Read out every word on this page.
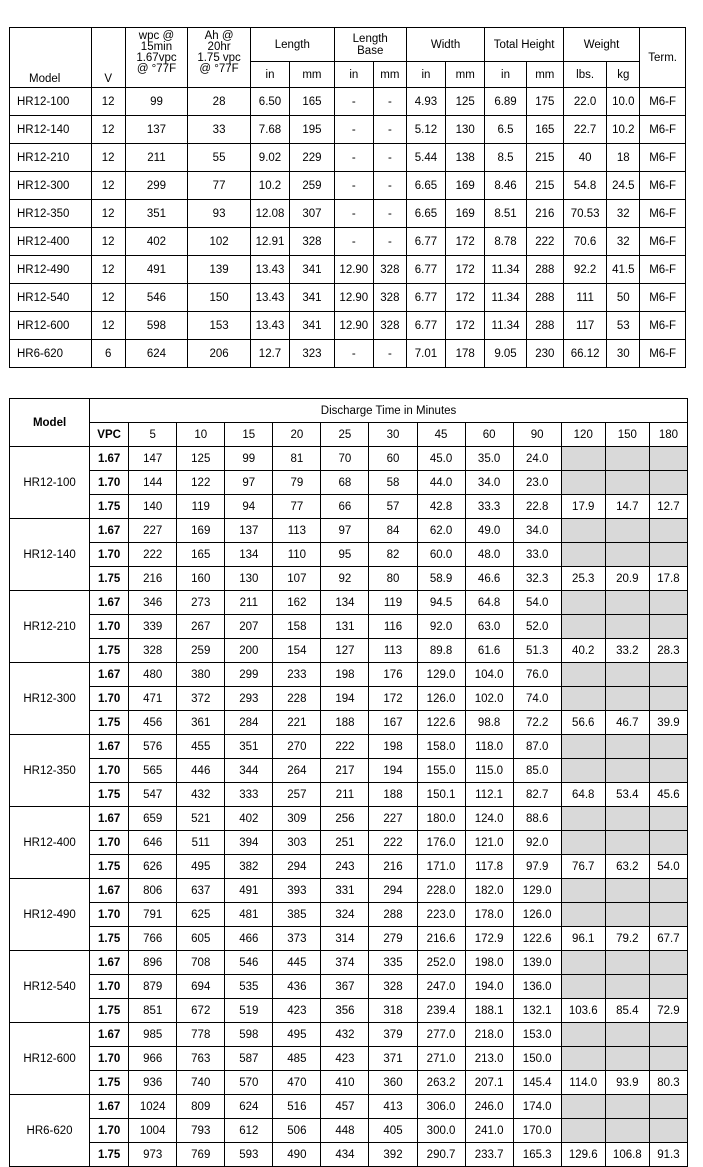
Model	V	wpc @
15min
1.67vpc
@ °77F	Ah @
20hr
1.75 vpc
@ °77F	Length		Length
Base		Width		Total Height		Weight		Term.
				in	mm	in	mm	in	mm	in	mm	lbs.	kg	
HR12-100	12	99	28	6.50	165	-	-	4.93	125	6.89	175	22.0	10.0	M6-F
HR12-140	12	137	33	7.68	195	-	-	5.12	130	6.5	165	22.7	10.2	M6-F
HR12-210	12	211	55	9.02	229	-	-	5.44	138	8.5	215	40	18	M6-F
HR12-300	12	299	77	10.2	259	-	-	6.65	169	8.46	215	54.8	24.5	M6-F
HR12-350	12	351	93	12.08	307	-	-	6.65	169	8.51	216	70.53	32	M6-F
HR12-400	12	402	102	12.91	328	-	-	6.77	172	8.78	222	70.6	32	M6-F
HR12-490	12	491	139	13.43	341	12.90	328	6.77	172	11.34	288	92.2	41.5	M6-F
HR12-540	12	546	150	13.43	341	12.90	328	6.77	172	11.34	288	111	50	M6-F
HR12-600	12	598	153	13.43	341	12.90	328	6.77	172	11.34	288	117	53	M6-F
HR6-620	6	624	206	12.7	323	-	-	7.01	178	9.05	230	66.12	30	M6-F
Model	Discharge Time in Minutes												
	VPC	5	10	15	20	25	30	45	60	90	120	150	180
HR12-100	1.67	147	125	99	81	70	60	45.0	35.0	24.0			
	1.70	144	122	97	79	68	58	44.0	34.0	23.0			
	1.75	140	119	94	77	66	57	42.8	33.3	22.8	17.9	14.7	12.7
HR12-140	1.67	227	169	137	113	97	84	62.0	49.0	34.0			
	1.70	222	165	134	110	95	82	60.0	48.0	33.0			
	1.75	216	160	130	107	92	80	58.9	46.6	32.3	25.3	20.9	17.8
HR12-210	1.67	346	273	211	162	134	119	94.5	64.8	54.0			
	1.70	339	267	207	158	131	116	92.0	63.0	52.0			
	1.75	328	259	200	154	127	113	89.8	61.6	51.3	40.2	33.2	28.3
HR12-300	1.67	480	380	299	233	198	176	129.0	104.0	76.0			
	1.70	471	372	293	228	194	172	126.0	102.0	74.0			
	1.75	456	361	284	221	188	167	122.6	98.8	72.2	56.6	46.7	39.9
HR12-350	1.67	576	455	351	270	222	198	158.0	118.0	87.0			
	1.70	565	446	344	264	217	194	155.0	115.0	85.0			
	1.75	547	432	333	257	211	188	150.1	112.1	82.7	64.8	53.4	45.6
HR12-400	1.67	659	521	402	309	256	227	180.0	124.0	88.6			
	1.70	646	511	394	303	251	222	176.0	121.0	92.0			
	1.75	626	495	382	294	243	216	171.0	117.8	97.9	76.7	63.2	54.0
HR12-490	1.67	806	637	491	393	331	294	228.0	182.0	129.0			
	1.70	791	625	481	385	324	288	223.0	178.0	126.0			
	1.75	766	605	466	373	314	279	216.6	172.9	122.6	96.1	79.2	67.7
HR12-540	1.67	896	708	546	445	374	335	252.0	198.0	139.0			
	1.70	879	694	535	436	367	328	247.0	194.0	136.0			
	1.75	851	672	519	423	356	318	239.4	188.1	132.1	103.6	85.4	72.9
HR12-600	1.67	985	778	598	495	432	379	277.0	218.0	153.0			
	1.70	966	763	587	485	423	371	271.0	213.0	150.0			
	1.75	936	740	570	470	410	360	263.2	207.1	145.4	114.0	93.9	80.3
HR6-620	1.67	1024	809	624	516	457	413	306.0	246.0	174.0			
	1.70	1004	793	612	506	448	405	300.0	241.0	170.0			
	1.75	973	769	593	490	434	392	290.7	233.7	165.3	129.6	106.8	91.3
